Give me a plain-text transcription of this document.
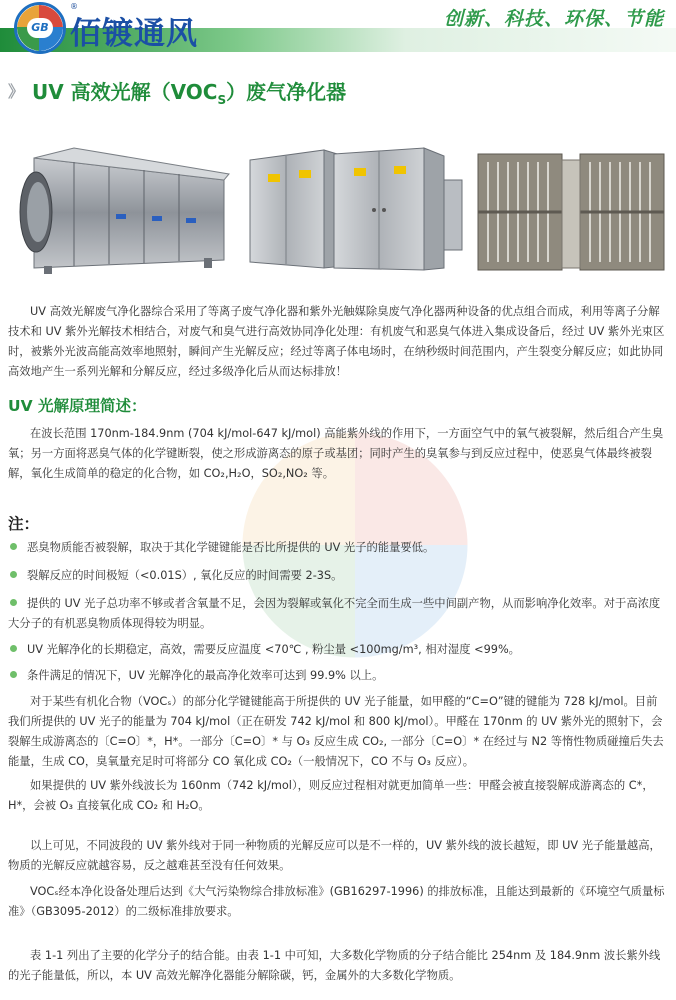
GB
®
佰镀通风	创新、科技、环保、节能
》 UV 高效光解$(VOC_S)$废气净化器

UV 高效光解废气净化器综合采用了等离子废气净化器和紫外光触媒除臭废气净化器两种设备的优点组合而成，利用等离子分解技术和 UV 紫外光解技术相结合，对废气和臭气进行高效协同净化处理：有机废气和恶臭气体进入集成设备后，经过 UV 紫外光束区时，被紫外光波高能高效率地照射，瞬间产生光解反应；经过等离子体电场时，在纳秒级时间范围内，产生裂变分解反应；如此协同高效地产生一系列光解和分解反应，经过多级净化后从而达标排放！

UV 光解原理简述：

在波长范围 170nm-184.9nm (704 kJ/mol-647 kJ/mol) 高能紫外线的作用下，一方面空气中的氧气被裂解，然后组合产生臭氧；另一方面将恶臭气体的化学键断裂，使之形成游离态的原子或基团；同时产生的臭氧参与到反应过程中，使恶臭气体最终被裂解，氧化生成简单的稳定的化合物，如 CO₂,H₂O，SO₂,NO₂ 等。

注：
恶臭物质能否被裂解，取决于其化学键键能是否比所提供的 UV 光子的能量要低。
裂解反应的时间极短（<0.01S）, 氧化反应的时间需要 2-3S。
提供的 UV 光子总功率不够或者含氧量不足，会因为裂解或氧化不完全而生成一些中间副产物，从而影响净化效率。对于高浓度大分子的有机恶臭物质体现得较为明显。
UV 光解净化的长期稳定，高效，需要反应温度 <70℃ , 粉尘量 <100mg/m³, 相对湿度 <99%。
条件满足的情况下，UV 光解净化的最高净化效率可达到 99.9% 以上。

对于某些有机化合物（VOCₛ）的部分化学键键能高于所提供的 UV 光子能量，如甲醛的“C=O”键的键能为 728 kJ/mol。目前我们所提供的 UV 光子的能量为 704 kJ/mol（正在研发 742 kJ/mol 和 800 kJ/mol）。甲醛在 170nm 的 UV 紫外光的照射下，会裂解生成游离态的〔C=O〕*，H*。一部分〔C=O〕* 与 O₃ 反应生成 CO₂, 一部分〔C=O〕* 在经过与 N2 等惰性物质碰撞后失去能量，生成 CO，臭氧量充足时可将部分 CO 氧化成 CO₂（一般情况下，CO 不与 O₃ 反应）。

如果提供的 UV 紫外线波长为 160nm（742 kJ/mol），则反应过程相对就更加简单一些：甲醛会被直接裂解成游离态的 C*，H*，会被 O₃ 直接氧化成 CO₂ 和 H₂O。

以上可见，不同波段的 UV 紫外线对于同一种物质的光解反应可以是不一样的，UV 紫外线的波长越短，即 UV 光子能量越高，物质的光解反应就越容易，反之越难甚至没有任何效果。

VOCₛ经本净化设备处理后达到《大气污染物综合排放标准》(GB16297-1996) 的排放标准，且能达到最新的《环境空气质量标准》（GB3095-2012）的二级标准排放要求。

表 1-1 列出了主要的化学分子的结合能。由表 1-1 中可知，大多数化学物质的分子结合能比 254nm 及 184.9nm 波长紫外线的光子能量低，所以，本 UV 高效光解净化器能分解除碳，钙，金属外的大多数化学物质。
